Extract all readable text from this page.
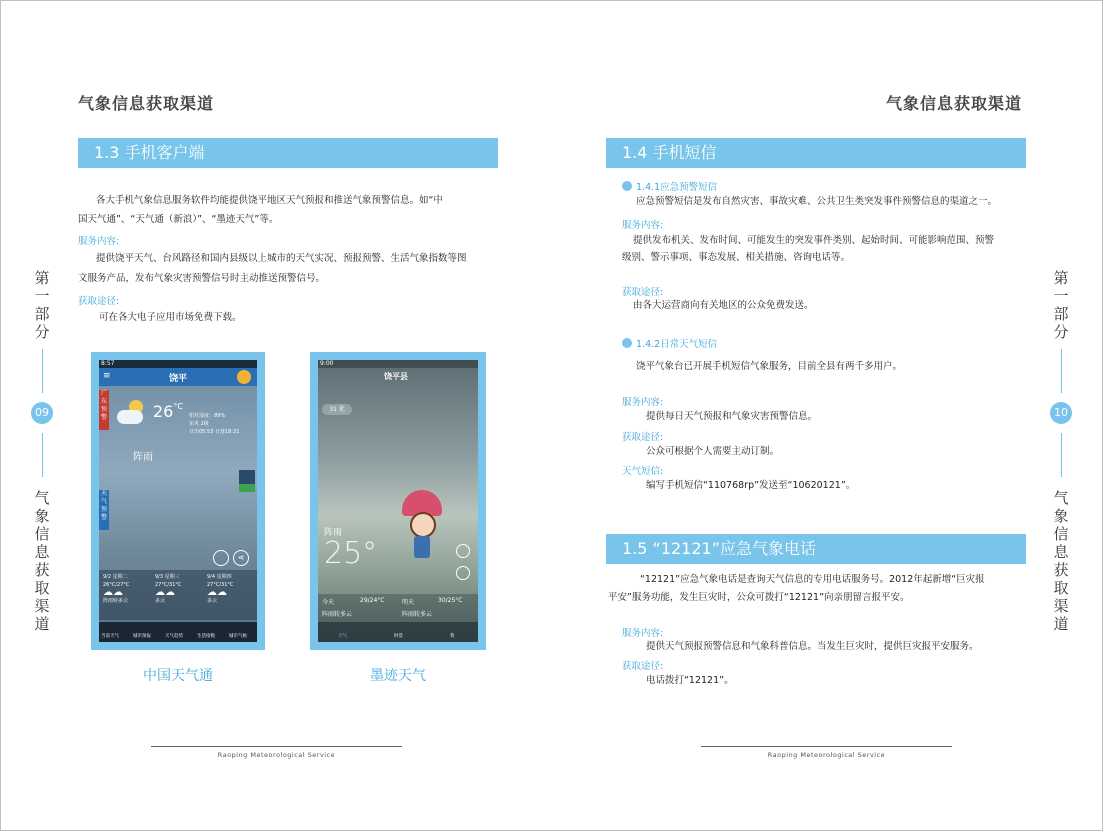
气象信息获取渠道
1.3 手机客户端
各大手机气象信息服务软件均能提供饶平地区天气预报和推送气象预警信息。如“中
国天气通”、“天气通（新浪）”、“墨迹天气”等。
服务内容:
提供饶平天气、台风路径和国内县级以上城市的天气实况、预报预警、生活气象指数等图
文服务产品，发布气象灾害预警信号时主动推送预警信号。
获取途径:
可在各大电子应用市场免费下载。
第
一
部
分
09
气
象
信
息
获
取
渠
道
8:57
≡	饶平
广东预警	$26^{^\circ C}$
相对湿度：89%
东风 2级
日出05:53 日落18:31
阵雨
天气预警
⋖
9/2 星期二
26°C/27°C
☁☁
阵雨转多云
9/3 星期三
27°C/31°C
☁☁
多云
9/4 星期四
27°C/31°C
☁☁
多云
当前天气	城市预报	天气趋势	生活指数	城市气候
中国天气通
9:00
饶平县
31 优
阵雨
25°
今天	29/24°C	明天	30/25°C
阵雨转多云	阵雨转多云
天气	时景	我
墨迹天气
Raoping Meteorological Service
气象信息获取渠道
1.4 手机短信
1.4.1应急预警短信
应急预警短信是发布自然灾害、事故灾难、公共卫生类突发事件预警信息的渠道之一。
服务内容:
提供发布机关、发布时间、可能发生的突发事件类别、起始时间、可能影响范围、预警
级别、警示事项、事态发展、相关措施、咨询电话等。
获取途径:
由各大运营商向有关地区的公众免费发送。
1.4.2日常天气短信
饶平气象台已开展手机短信气象服务，目前全县有两千多用户。
服务内容:
提供每日天气预报和气象灾害预警信息。
获取途径:
公众可根据个人需要主动订制。
天气短信:
编写手机短信“110768rp”发送至“10620121”。
1.5 “12121”应急气象电话
“12121”应急气象电话是查询天气信息的专用电话服务号。2012年起新增“巨灾报
平安”服务功能，发生巨灾时，公众可拨打“12121”向亲朋留言报平安。
服务内容:
提供天气预报预警信息和气象科普信息。当发生巨灾时，提供巨灾报平安服务。
获取途径:
电话拨打“12121”。
第
一
部
分
10
气
象
信
息
获
取
渠
道
Raoping Meteorological Service
